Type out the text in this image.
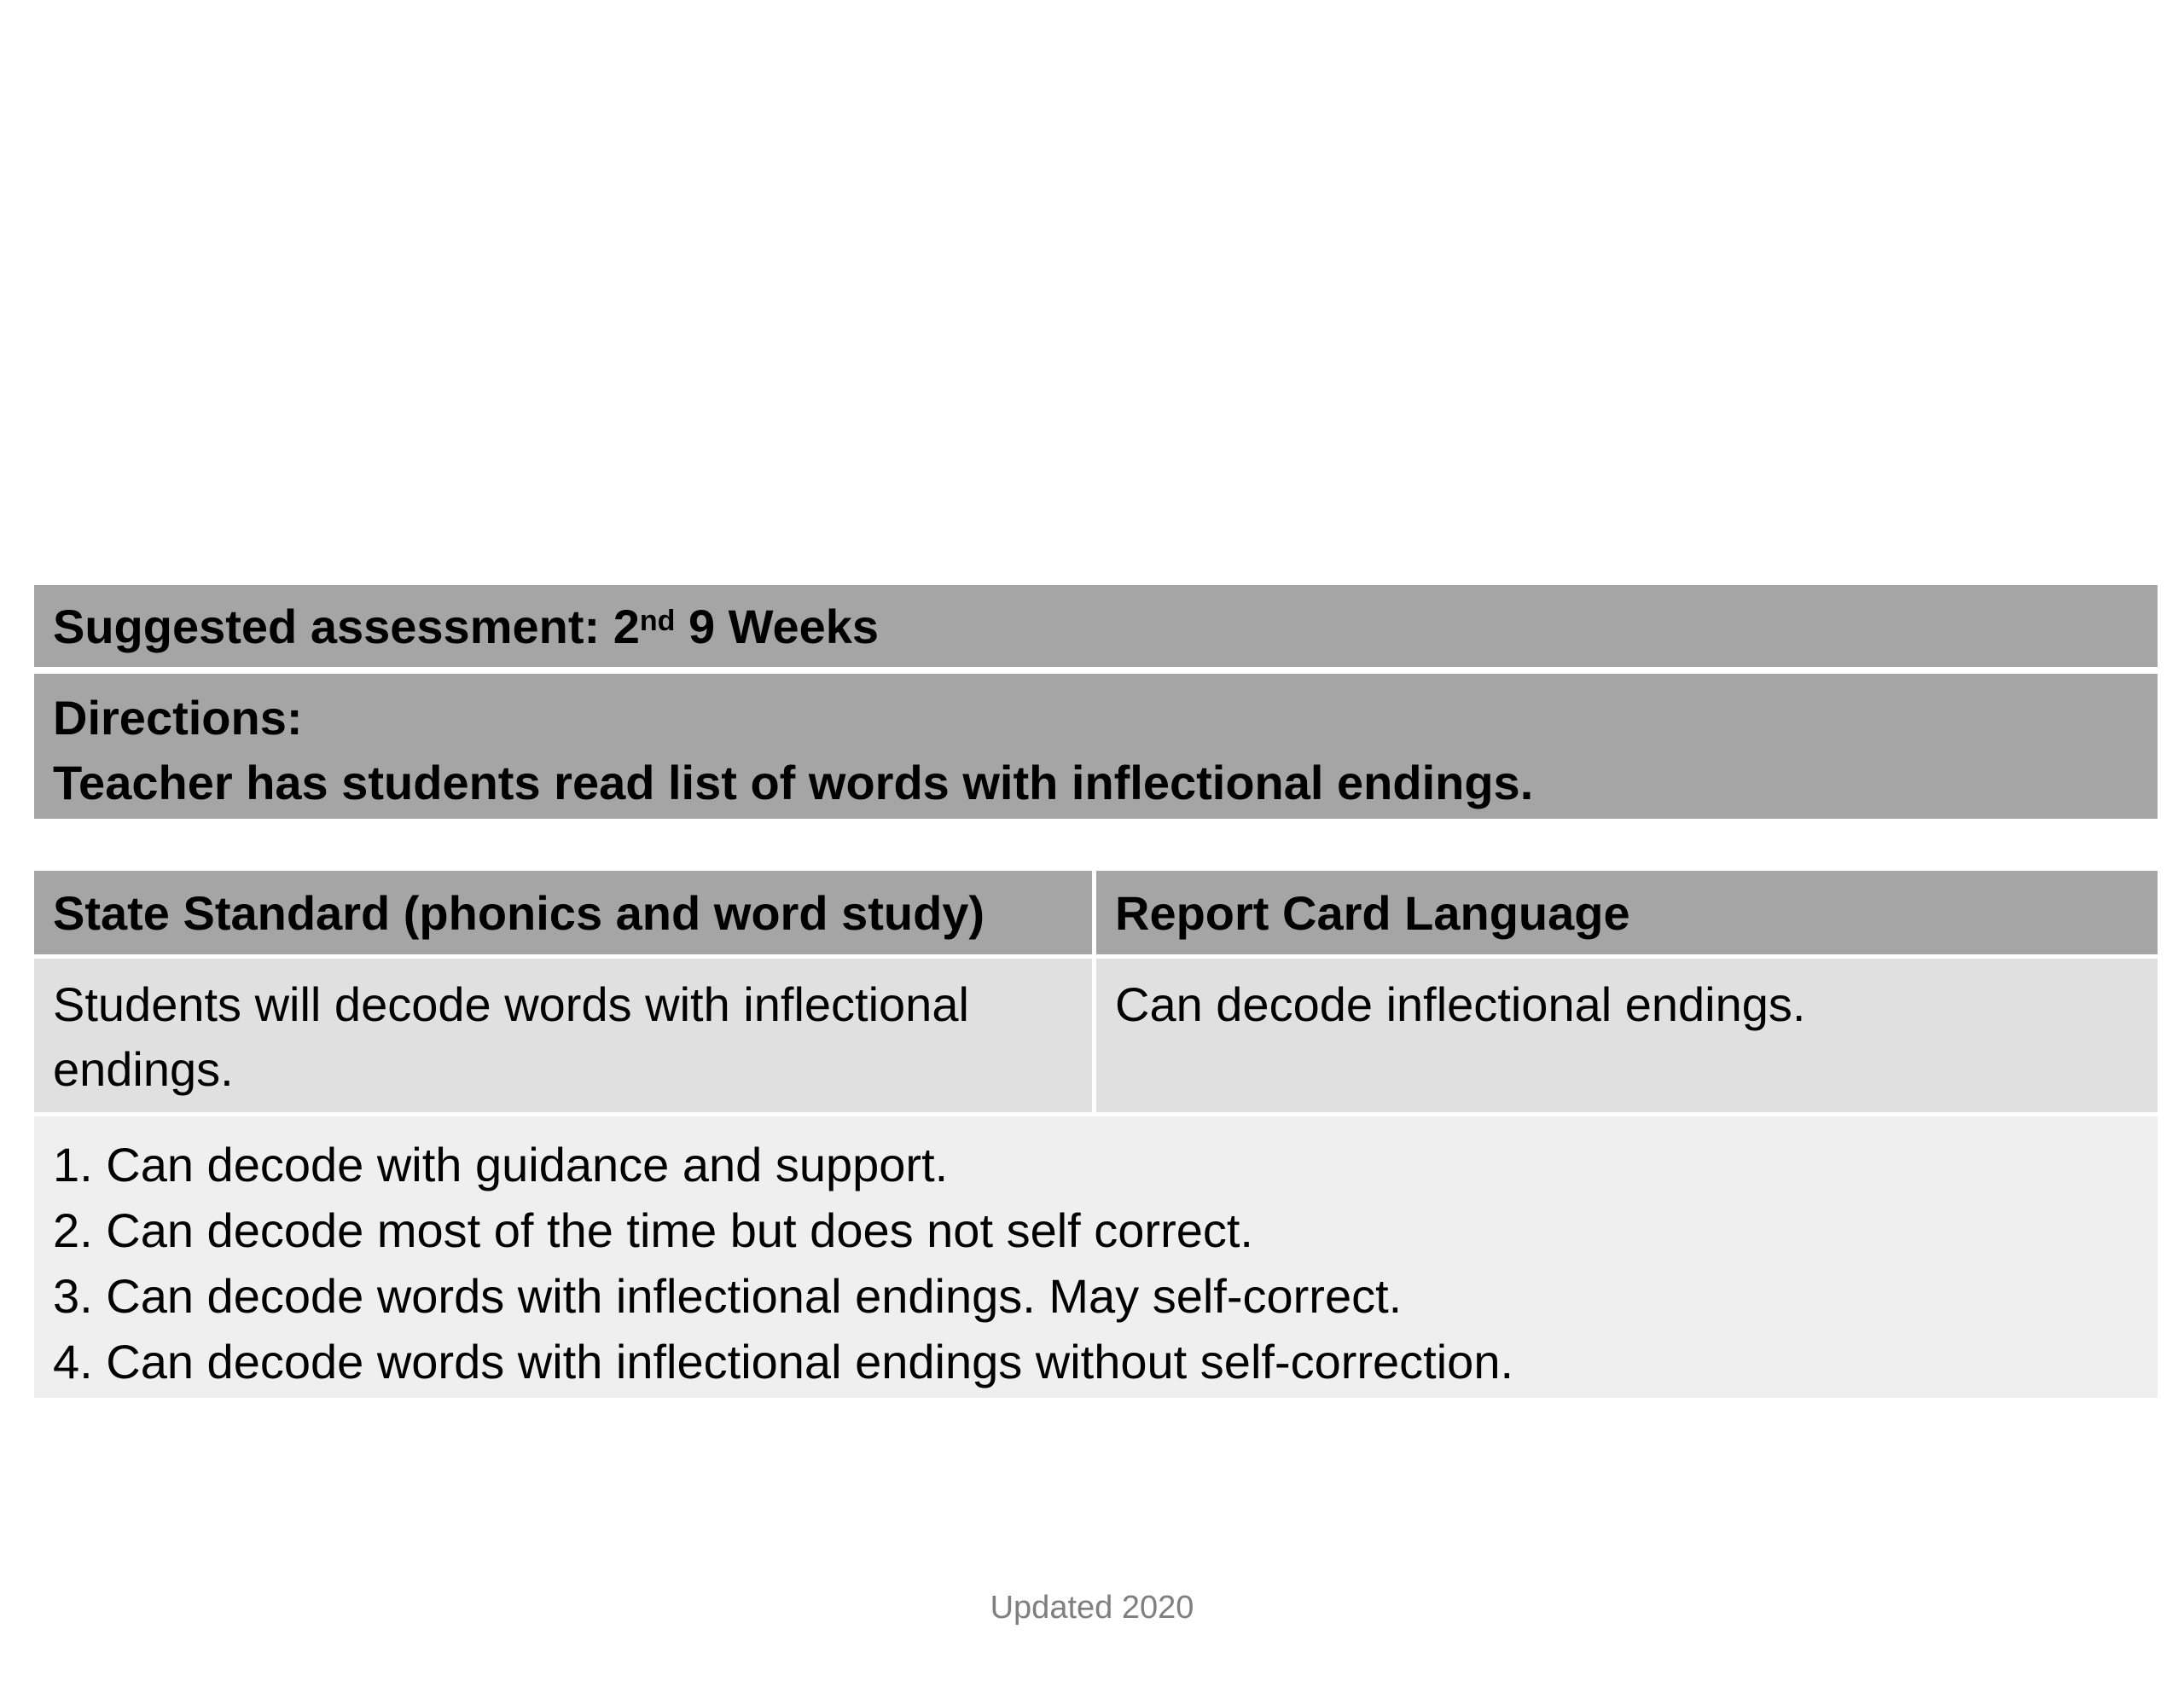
Suggested assessment: 2nd 9 Weeks
Directions:
Teacher has students read list of words with inflectional endings.
State Standard (phonics and word study)	Report Card Language
Students will decode words with inflectional endings.
Can decode inflectional endings.
1. Can decode with guidance and support.
2. Can decode most of the time but does not self correct.
3. Can decode words with inflectional endings. May self-correct.
4. Can decode words with inflectional endings without self-correction.
Updated 2020
